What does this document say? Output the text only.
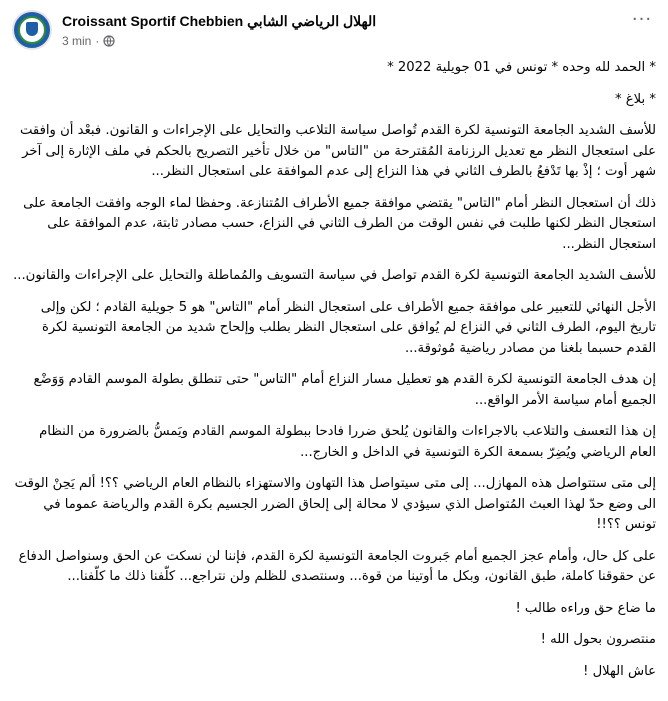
Croissant Sportif Chebbien الهلال الرياضي الشابي
3 min ·
···

* الحمد لله وحده * تونس في 01 جويلية 2022 *

* بلاغ *

للأسف الشديد الجامعة التونسية لكرة القدم تُواصل سياسة التلاعب والتحايل على الإجراءات و القانون. فبعْد أن وافقت على استعجال النظر مع تعديل الرزنامة المُقترحة من "التاس" من خلال تأخير التصريح بالحكم في ملف الإثارة إلى آخر شهر أوت ؛ إذْ بها تَدْفعُ بالطرف الثاني في هذا النزاع إلى عدم الموافقة على استعجال النظر...

ذلك أن استعجال النظر أمام "التاس" يقتضي موافقة جميع الأطراف المُتنازعة. وحفظا لماء الوجه وافقت الجامعة على استعجال النظر لكنها طلبت في نفس الوقت من الطرف الثاني في النزاع، حسب مصادر ثابتة، عدم الموافقة على استعجال النظر...

للأسف الشديد الجامعة التونسية لكرة القدم تواصل في سياسة التسويف والمُماطلة والتحايل على الإجراءات والقانون...

الأجل النهائي للتعبير على موافقة جميع الأطراف على استعجال النظر أمام "التاس" هو 5 جويلية القادم ؛ لكن وإلى تاريخ اليوم، الطرف الثاني في النزاع لم يُوافق على استعجال النظر بطلب وإلحاح شديد من الجامعة التونسية لكرة القدم حسبما بلغنا من مصادر رياضية مُوثوقة...

إن هدف الجامعة التونسية لكرة القدم هو تعطيل مسار النزاع أمام "التاس" حتى تنطلق بطولة الموسم القادم وَوَضْع الجميع أمام سياسة الأمر الواقع...

إن هذا التعسف والتلاعب بالاجراءات والقانون يُلحق ضررا فادحا ببطولة الموسم القادم ويَمسُّ بالضرورة من النظام العام الرياضي ويُضِرّ بسمعة الكرة التونسية في الداخل و الخارج...

إلى متى ستتواصل هذه المهازل... إلى متى سيتواصل هذا التهاون والاستهزاء بالنظام العام الرياضي ؟؟! ألم يَحِنْ الوقت الى وضع حدّ لهذا العبث المُتواصل الذي سيؤدي لا محالة إلى إلحاق الضرر الجسيم بكرة القدم والرياضة عموما في تونس ؟؟!!

على كل حال، وأمام عجز الجميع أمام جَبروت الجامعة التونسية لكرة القدم، فإننا لن نسكت عن الحق وسنواصل الدفاع عن حقوقنا كاملة، طبق القانون، وبكل ما أوتينا من قوة... وسنتصدى للظلم ولن نتراجع... كلّفنا ذلك ما كلّفنا...

ما ضاع حق وراءه طالب !

منتصرون بحول الله !

عاش الهلال !
